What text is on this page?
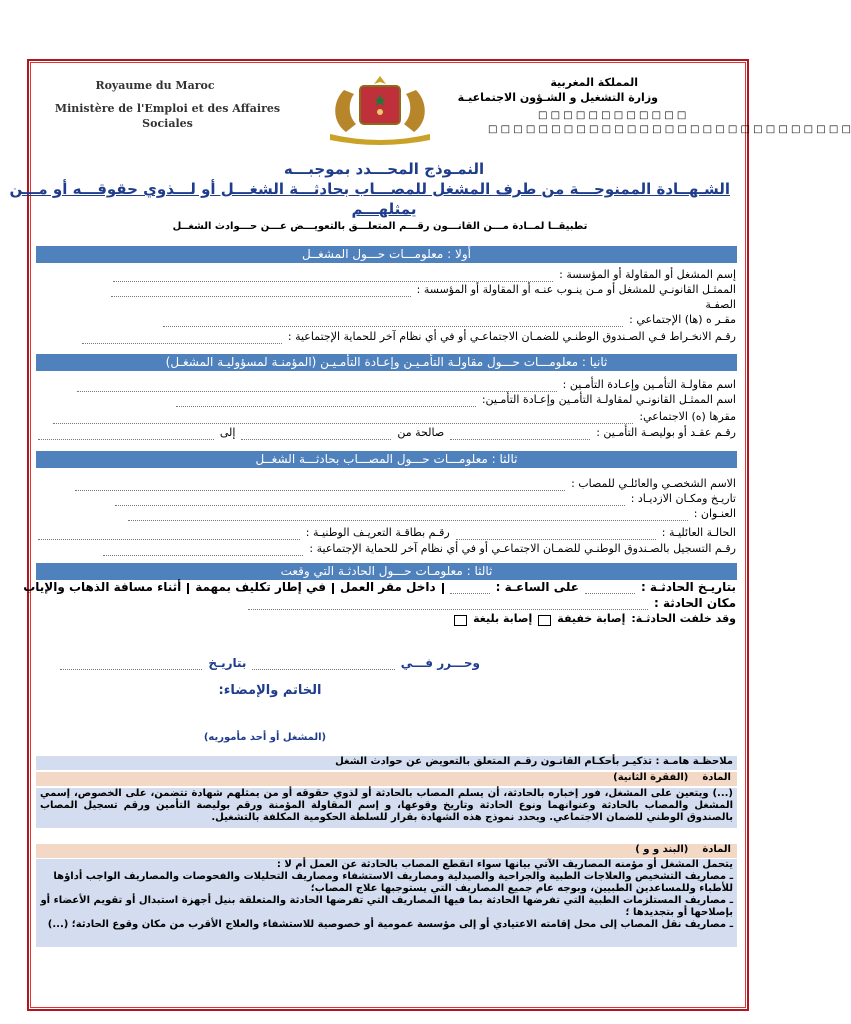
Royaume du Maroc
Ministère de l'Emploi et des Affaires Sociales
المملكة المغربية
وزارة التشغيل و الشـؤون الاجتماعيـة
□ □ □ □ □ □ □ □ □ □ □ □
□ □ □ □ □ □ □ □ □ □ □ □ □ □ □ □ □ □ □ □ □ □ □ □ □ □ □ □ □
النمـوذج المحـــدد بموجبـــه
الشـهــادة الممنوحـــة من طرف المشغل للمصـــاب بحادثـــة الشغـــل أو لـــذوي حقوقـــه أو مـــن
يمثلهـــم
تطبيقــا لمــادة مـــن القانـــون رقـــم المتعلـــق بالتعويـــض عـــن حـــوادث الشغــل
أولا : معلومـــات حـــول المشغــل
إسم المشغل أو المقاولة أو المؤسسة :
الممثـل القانونـي للمشغل أو مـن ينـوب عنـه أو المقاولة أو المؤسسة :
الصفـة
مقـر ه (ها) الإجتماعي :
رقـم الانخـراط فـي الصـندوق الوطنـي للضمـان الاجتماعـي أو في أي نظام آخر للحماية الإجتماعية :
ثانيا : معلومـــات حـــول مقاولـة التأمـيـن وإعـادة التأمـيـن (المؤمنـة لمسؤوليـة المشغـل)
اسم مقاولـة التأمـين وإعـادة التأمـين :
اسم الممثـل القانونـي لمقاولـة التأمـين وإعـادة التأمـين:
مقرها (ه) الاجتماعي:
رقـم عقـد أو بوليصـة التأمـين :
صالحة من
إلى
ثالثا : معلومـــات حـــول المصـــاب بحادثـــة الشغــل
الاسم الشخصـي والعائلـي للمصاب :
تاريـخ ومكـان الازديـاد :
العنـوان :
الحالـة العائليـة :
رقـم بطاقـة التعريـف الوطنيـة :
رقـم التسجيل بالصـندوق الوطنـي للضمـان الاجتماعـي أو في أي نظام آخر للحماية الإجتماعية :
ثالثا : معلومـات حـــول الحادثـة التي وقعت
بتاريـخ الحادثـة :
على الساعـة :
داخل مقر العمل
في إطار تكليف بمهمة
أثناء مسافة الذهاب والإياب
مكان الحادثة :
وقد خلفت الحادثـة:
إصابة خفيفة
إصابة بليغة
وحـــرر فـــي
بتاريـخ
الخاتم والإمضاء:
(المشغل أو أحد مأموريه)
ملاحظـة هامـة : تذكيـر بأحكـام القانـون رقـم المتعلق بالتعويض عن حوادث الشغل
المادة    (الفقرة الثانية)
(...) ويتعين على المشغل، فور إخباره بالحادثة، أن يسلم المصاب بالحادثة أو لذوي حقوقه أو من يمثلهم شهادة تتضمن، على الخصوص، إسمي المشغل والمصاب بالحادثة وعنوانهما ونوع الحادثة وتاريخ وقوعها، و إسم المقاولة المؤمنة ورقم بوليصة التأمين ورقم تسجيل المصاب بالصندوق الوطني للضمان الاجتماعي. ويحدد نموذج هذه الشهادة بقرار للسلطة الحكومية المكلفة بالتشغيل.
المادة    (البند و و )
يتحمل المشغل أو مؤمنه المصاريف الآتي بيانها سواء انقطع المصاب بالحادثة عن العمل أم لا :
ـ مصاريف التشخيص والعلاجات الطبية والجراحية والصيدلية ومصاريف الاستشفاء ومصاريف التحليلات والفحوصات والمصاريف الواجب أداؤها للأطباء وللمساعدين الطبيين، وبوجه عام جميع المصاريف التي يستوجبها علاج المصاب؛
ـ مصاريف المستلزمات الطبية التي تفرضها الحادثة بما فيها المصاريف التي تفرضها الحادثة والمتعلقة بنيل أجهزة استبدال أو تقويم الأعضاء أو بإصلاحها أو بتجديدها ؛
ـ مصاريف نقل المصاب إلى محل إقامته الاعتيادي أو إلى مؤسسة عمومية أو خصوصية للاستشفاء والعلاج الأقرب من مكان وقوع الحادثة؛ (...)
